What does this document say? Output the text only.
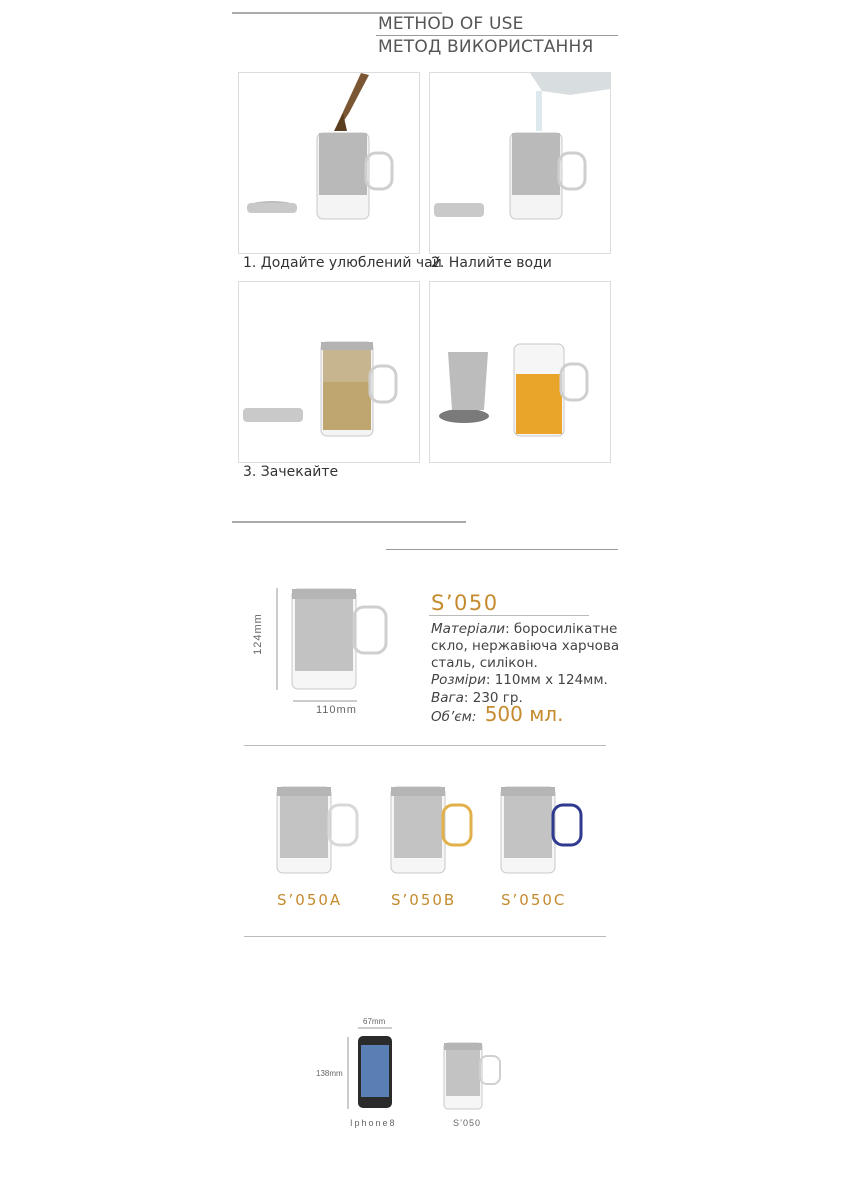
METHOD OF USE
МЕТОД ВИКОРИСТАННЯ
1. Додайте улюблений чай
2. Налийте води
3. Зачекайте
124mm
110mm
S’050
Матеріали: боросилікатне
скло, нержавіюча харчова
сталь, силікон.
Розміри: 110мм х 124мм.
Вага: 230 гр.
Об’єм: 500 мл.
S’050A	S’050B	S’050C
67mm
138mm
Iphone8	S’050
